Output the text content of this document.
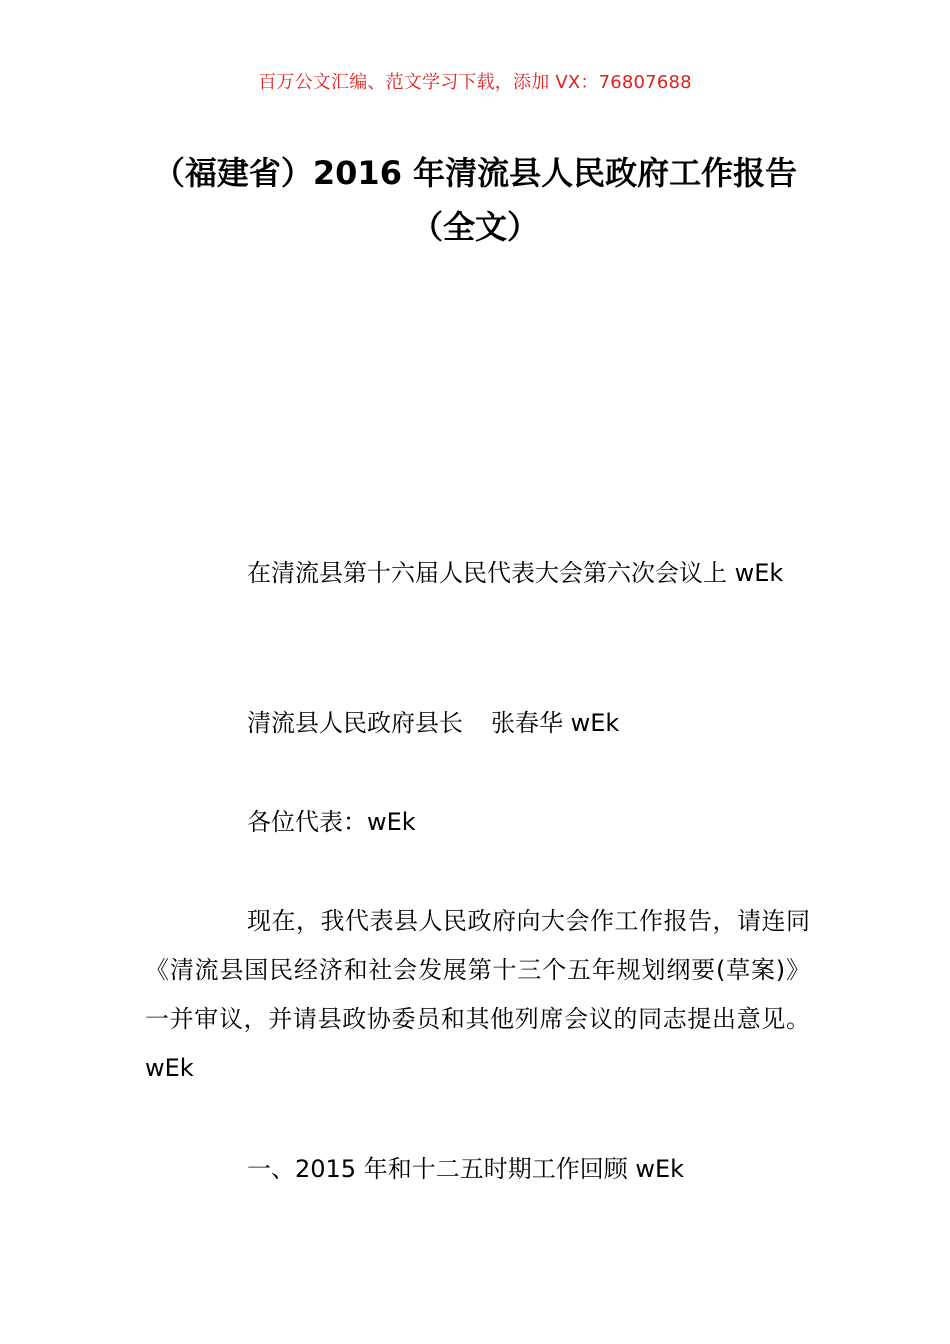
百万公文汇编、范文学习下载，添加 VX：76807688
（福建省）2016 年清流县人民政府工作报告（全文）
在清流县第十六届人民代表大会第六次会议上 wEk
清流县人民政府县长 张春华 wEk
各位代表：wEk
现在，我代表县人民政府向大会作工作报告，请连同《清流县国民经济和社会发展第十三个五年规划纲要(草案)》一并审议，并请县政协委员和其他列席会议的同志提出意见。wEk
一、2015 年和十二五时期工作回顾 wEk
